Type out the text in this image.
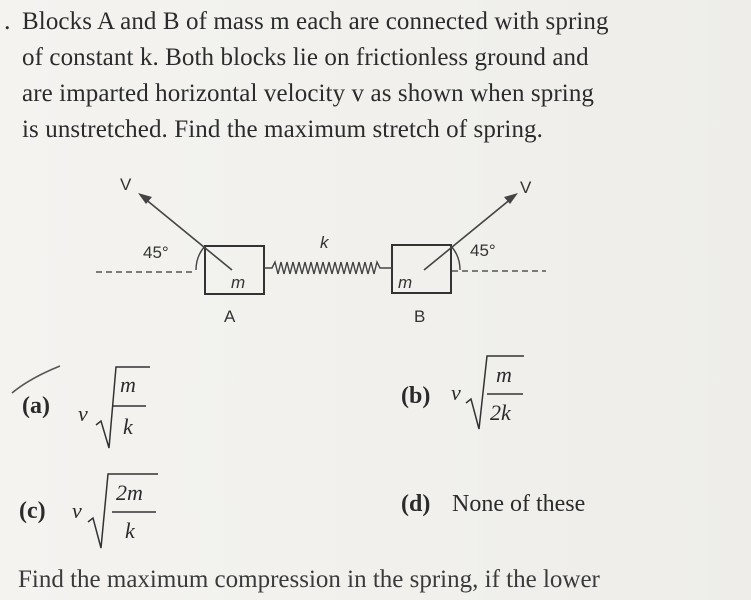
. Blocks A and B of mass m each are connected with spring
of constant k. Both blocks lie on frictionless ground and
are imparted horizontal velocity v as shown when spring
is unstretched. Find the maximum stretch of spring.
V	V
45°	45°
k
m	m
A	B
(a) v
m
k
(b) v
m
2k
(c) v
2m
k
(d) None of these
Find the maximum compression in the spring, if the lower
